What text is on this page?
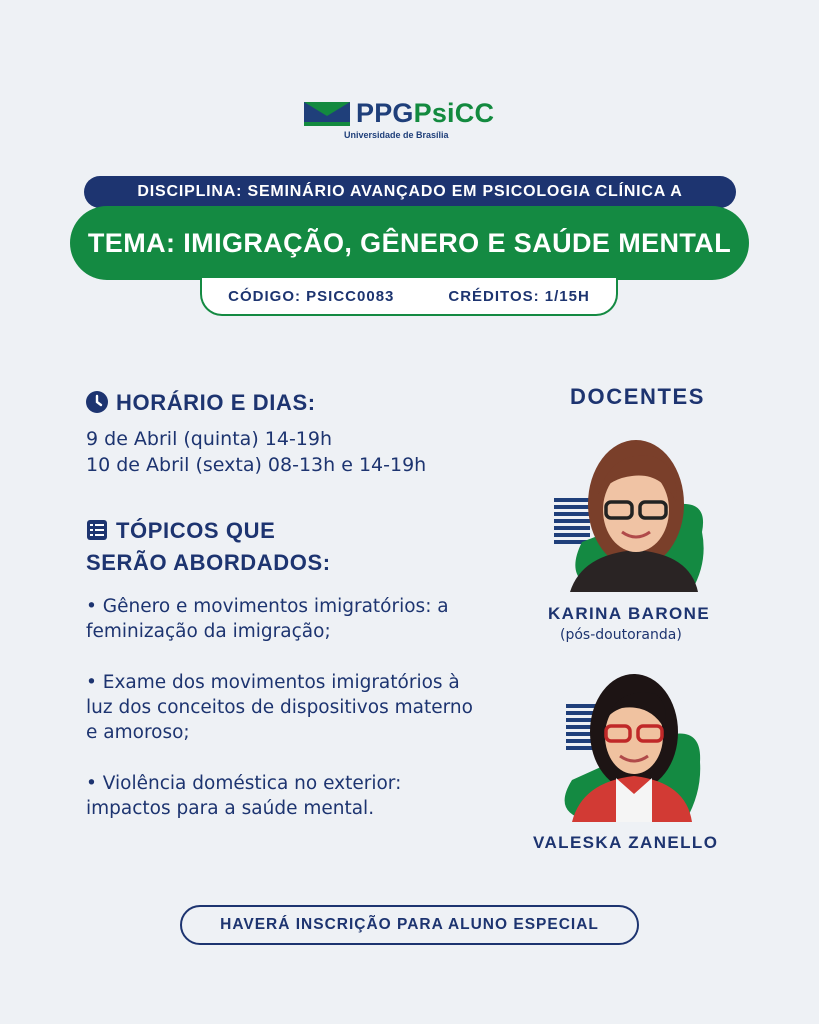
PPGPsiCC
Universidade de Brasília
DISCIPLINA: SEMINÁRIO AVANÇADO EM PSICOLOGIA CLÍNICA A
TEMA: IMIGRAÇÃO, GÊNERO E SAÚDE MENTAL
CÓDIGO: PSICC0083	CRÉDITOS: 1/15H
HORÁRIO E DIAS:
9 de Abril (quinta) 14-19h
10 de Abril (sexta) 08-13h e 14-19h
TÓPICOS QUE
SERÃO ABORDADOS:
• Gênero e movimentos imigratórios: a feminização da imigração;
• Exame dos movimentos imigratórios à luz dos conceitos de dispositivos materno e amoroso;
• Violência doméstica no exterior: impactos para a saúde mental.
DOCENTES
KARINA BARONE
(pós-doutoranda)
VALESKA ZANELLO
HAVERÁ INSCRIÇÃO PARA ALUNO ESPECIAL
